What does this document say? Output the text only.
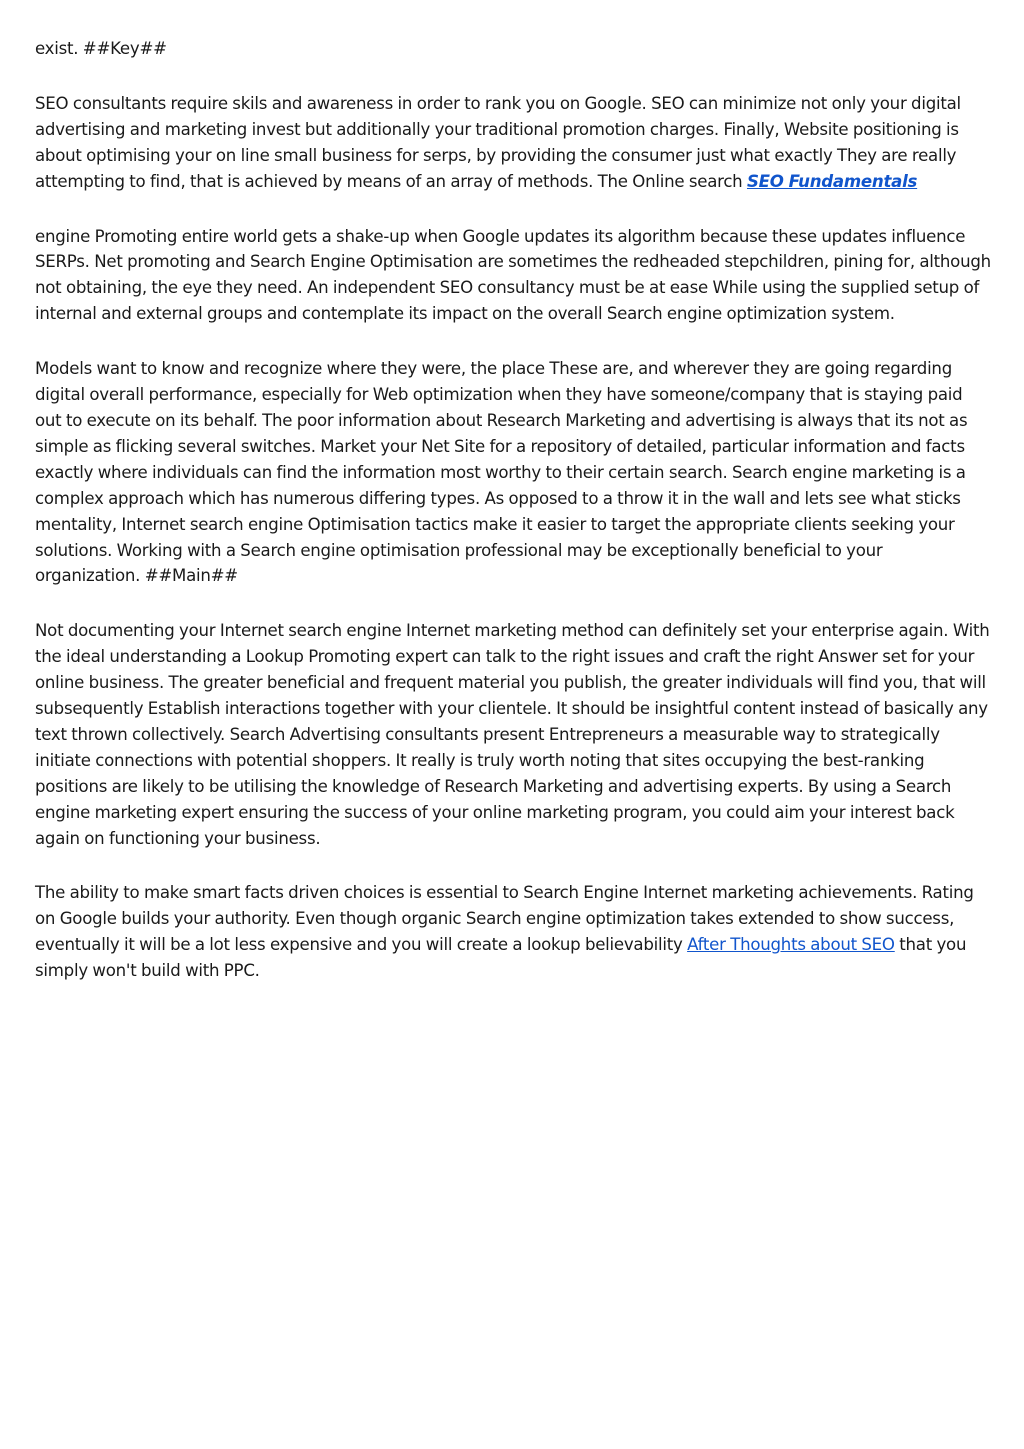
exist. ##Key##

SEO consultants require skils and awareness in order to rank you on Google. SEO can minimize not only your digital advertising and marketing invest but additionally your traditional promotion charges. Finally, Website positioning is about optimising your on line small business for serps, by providing the consumer just what exactly They are really attempting to find, that is achieved by means of an array of methods. The Online search SEO Fundamentals

engine Promoting entire world gets a shake-up when Google updates its algorithm because these updates influence SERPs. Net promoting and Search Engine Optimisation are sometimes the redheaded stepchildren, pining for, although not obtaining, the eye they need. An independent SEO consultancy must be at ease While using the supplied setup of internal and external groups and contemplate its impact on the overall Search engine optimization system.

Models want to know and recognize where they were, the place These are, and wherever they are going regarding digital overall performance, especially for Web optimization when they have someone/company that is staying paid out to execute on its behalf. The poor information about Research Marketing and advertising is always that its not as simple as flicking several switches. Market your Net Site for a repository of detailed, particular information and facts exactly where individuals can find the information most worthy to their certain search. Search engine marketing is a complex approach which has numerous differing types. As opposed to a throw it in the wall and lets see what sticks mentality, Internet search engine Optimisation tactics make it easier to target the appropriate clients seeking your solutions. Working with a Search engine optimisation professional may be exceptionally beneficial to your organization. ##Main##

Not documenting your Internet search engine Internet marketing method can definitely set your enterprise again. With the ideal understanding a Lookup Promoting expert can talk to the right issues and craft the right Answer set for your online business. The greater beneficial and frequent material you publish, the greater individuals will find you, that will subsequently Establish interactions together with your clientele. It should be insightful content instead of basically any text thrown collectively. Search Advertising consultants present Entrepreneurs a measurable way to strategically initiate connections with potential shoppers. It really is truly worth noting that sites occupying the best-ranking positions are likely to be utilising the knowledge of Research Marketing and advertising experts. By using a Search engine marketing expert ensuring the success of your online marketing program, you could aim your interest back again on functioning your business.

The ability to make smart facts driven choices is essential to Search Engine Internet marketing achievements. Rating on Google builds your authority. Even though organic Search engine optimization takes extended to show success, eventually it will be a lot less expensive and you will create a lookup believability After Thoughts about SEO that you simply won't build with PPC.
